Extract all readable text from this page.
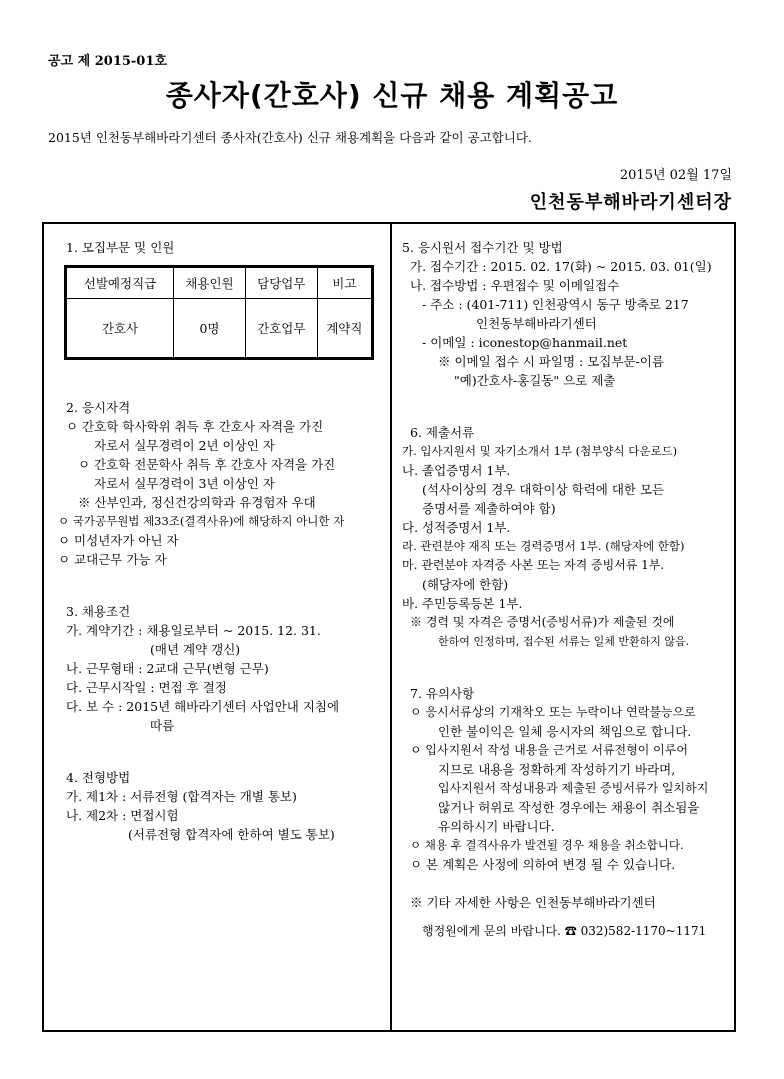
공고 제 2015-01호
종사자(간호사) 신규 채용 계획공고
2015년 인천동부해바라기센터 종사자(간호사) 신규 채용계획을 다음과 같이 공고합니다.
2015년 02월 17일
인천동부해바라기센터장
1. 모집부문 및 인원
선발예정직급	채용인원	담당업무	비고
간호사	0명	간호업무	계약직
2. 응시자격
ㅇ 간호학 학사학위 취득 후 간호사 자격을 가진
자로서 실무경력이 2년 이상인 자
ㅇ 간호학 전문학사 취득 후 간호사 자격을 가진
자로서 실무경력이 3년 이상인 자
※ 산부인과, 정신건강의학과 유경험자 우대
ㅇ 국가공무원법 제33조(결격사유)에 해당하지 아니한 자
ㅇ 미성년자가 아닌 자
ㅇ 교대근무 가능 자
3. 채용조건
가. 계약기간 : 채용일로부터 ~ 2015. 12. 31.
(매년 계약 갱신)
나. 근무형태 : 2교대 근무(변형 근무)
다. 근무시작일 : 면접 후 결정
다. 보 수 : 2015년 해바라기센터 사업안내 지침에
따름
4. 전형방법
가. 제1차 : 서류전형 (합격자는 개별 통보)
나. 제2차 : 면접시험
(서류전형 합격자에 한하여 별도 통보)
5. 응시원서 접수기간 및 방법
가. 접수기간 : 2015. 02. 17(화) ~ 2015. 03. 01(일)
나. 접수방법 : 우편접수 및 이메일접수
- 주소 : (401-711) 인천광역시 동구 방축로 217
인천동부해바라기센터
- 이메일 : iconestop@hanmail.net
※ 이메일 접수 시 파일명 : 모집부문-이름
"예)간호사-홍길동" 으로 제출
6. 제출서류
가. 입사지원서 및 자기소개서 1부 (첨부양식 다운로드)
나. 졸업증명서 1부.
(석사이상의 경우 대학이상 학력에 대한 모든
증명서를 제출하여야 함)
다. 성적증명서 1부.
라. 관련분야 재직 또는 경력증명서 1부. (해당자에 한함)
마. 관련분야 자격증 사본 또는 자격 증빙서류 1부.
(해당자에 한함)
바. 주민등록등본 1부.
※ 경력 및 자격은 증명서(증빙서류)가 제출된 것에
한하여 인정하며, 접수된 서류는 일체 반환하지 않음.
7. 유의사항
ㅇ 응시서류상의 기재착오 또는 누락이나 연락불능으로
인한 불이익은 일체 응시자의 책임으로 합니다.
ㅇ 입사지원서 작성 내용을 근거로 서류전형이 이루어
지므로 내용을 정확하게 작성하기기 바라며,
입사지원서 작성내용과 제출된 증빙서류가 일치하지
않거나 허위로 작성한 경우에는 채용이 취소됨을
유의하시기 바랍니다.
ㅇ 채용 후 결격사유가 발견될 경우 채용을 취소합니다.
ㅇ 본 계획은 사정에 의하여 변경 될 수 있습니다.
※ 기타 자세한 사항은 인천동부해바라기센터
행정원에게 문의 바랍니다. ☎ 032)582-1170~1171
